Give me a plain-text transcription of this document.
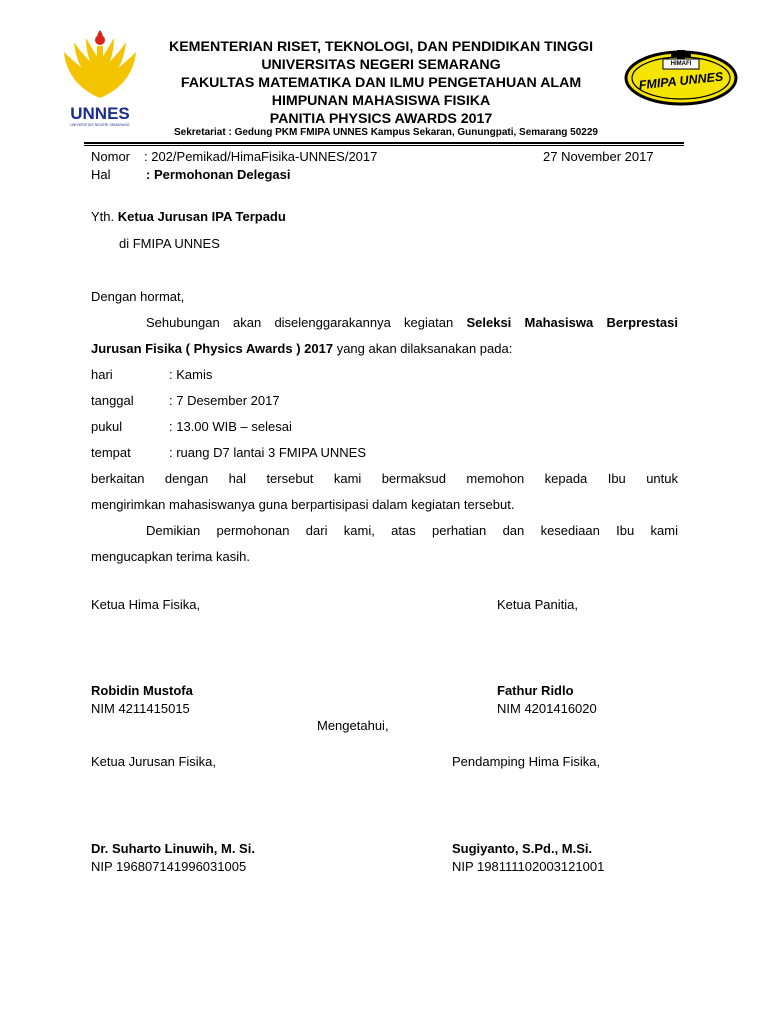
UNNES
UNIVERSITAS NEGERI SEMARANG
HIMAFI
FMIPA UNNES
KEMENTERIAN RISET, TEKNOLOGI, DAN PENDIDIKAN TINGGI
UNIVERSITAS NEGERI SEMARANG
FAKULTAS MATEMATIKA DAN ILMU PENGETAHUAN ALAM
HIMPUNAN MAHASISWA FISIKA
PANITIA PHYSICS AWARDS 2017
Sekretariat : Gedung PKM FMIPA UNNES Kampus Sekaran, Gunungpati, Semarang 50229
Nomor : 202/Pemikad/HimaFisika-UNNES/2017	27 November 2017
Hal	: Permohonan Delegasi
Yth. Ketua Jurusan IPA Terpadu
di FMIPA UNNES
Dengan hormat,
Sehubungan akan diselenggarakannya kegiatan Seleksi Mahasiswa Berprestasi
Jurusan Fisika ( Physics Awards ) 2017 yang akan dilaksanakan pada:
hari	: Kamis
tanggal	: 7 Desember 2017
pukul	: 13.00 WIB – selesai
tempat	: ruang D7 lantai 3 FMIPA UNNES
berkaitan dengan hal tersebut kami bermaksud memohon kepada Ibu untuk
mengirimkan mahasiswanya guna berpartisipasi dalam kegiatan tersebut.
Demikian permohonan dari kami, atas perhatian dan kesediaan Ibu kami
mengucapkan terima kasih.
Ketua Hima Fisika,	Ketua Panitia,
Robidin Mustofa
NIM 4211415015
Fathur Ridlo
NIM 4201416020
Mengetahui,
Ketua Jurusan Fisika,	Pendamping Hima Fisika,
Dr. Suharto Linuwih, M. Si.
NIP 196807141996031005
Sugiyanto, S.Pd., M.Si.
NIP 198111102003121001
